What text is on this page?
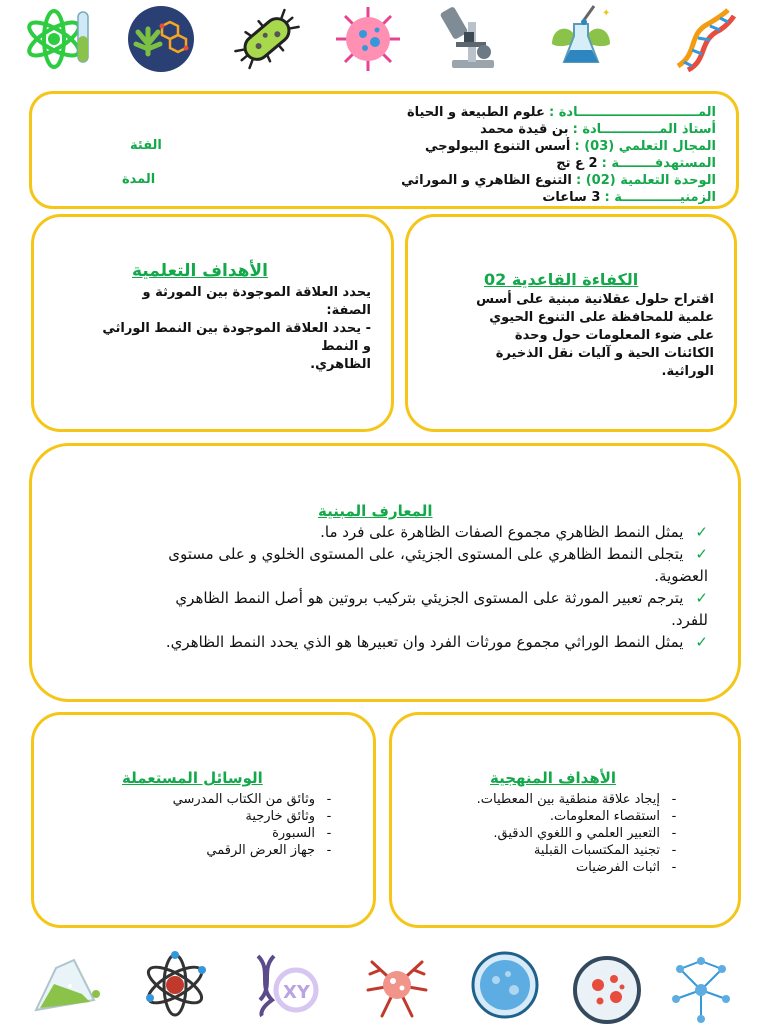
✦
المـــــــــــــــــــــــــــادة : علوم الطبيعة و الحياة
أستاذ المـــــــــــــادة : بن قيدة محمد
المجال التعلمي (03) : أسس التنوع البيولوجي
الفئة
المستهدفــــــــة : 2 ع تج
الوحدة التعلمية (02) : التنوع الظاهري و الموراثي
المدة
الزمنيـــــــــــــة : 3 ساعات
الأهداف التعلمية
يحدد العلاقة الموجودة بين المورثة و
الصفة:
- يحدد العلاقة الموجودة بين النمط الوراثي
و النمط
الظاهري.
الكفاءة القاعدية 02
اقتراح حلول عقلانية مبنية على أسس
علمية للمحافظة على التنوع الحيوي
على ضوء المعلومات حول وحدة
الكائنات الحية و آليات نقل الذخيرة
الوراثية.
المعارف المبنية
✓يمثل النمط الظاهري مجموع الصفات الظاهرة على فرد ما.
✓يتجلى النمط الظاهري على المستوى الجزيئي، على المستوى الخلوي و على مستوى
العضوية.
✓يترجم تعبير المورثة على المستوى الجزيئي بتركيب بروتين هو أصل النمط الظاهري
للفرد.
✓يمثل النمط الوراثي مجموع مورثات الفرد وان تعبيرها هو الذي يحدد النمط الظاهري.
الوسائل المستعملة
-وثائق من الكتاب المدرسي
-وثائق خارجية
-السبورة
-جهاز العرض الرقمي
الأهداف المنهجية
-إيجاد علاقة منطقية بين المعطيات.
-استقصاء المعلومات.
-التعبير العلمي و اللغوي الدقيق.
-تجنيد المكتسبات القبلية
-اثبات الفرضيات
XY
